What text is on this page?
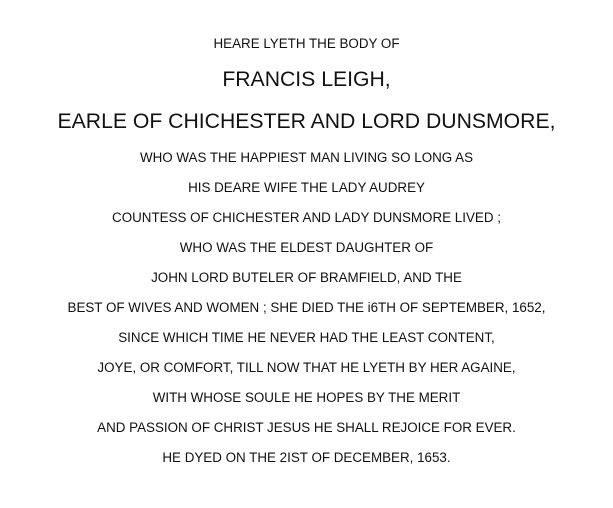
HEARE LYETH THE BODY OF
FRANCIS LEIGH,
EARLE OF CHICHESTER AND LORD DUNSMORE,
WHO WAS THE HAPPIEST MAN LIVING SO LONG AS
HIS DEARE WIFE THE LADY AUDREY
COUNTESS OF CHICHESTER AND LADY DUNSMORE LIVED ;
WHO WAS THE ELDEST DAUGHTER OF
JOHN LORD BUTELER OF BRAMFIELD, AND THE
BEST OF WIVES AND WOMEN ; SHE DIED THE i6TH OF SEPTEMBER, 1652,
SINCE WHICH TIME HE NEVER HAD THE LEAST CONTENT,
JOYE, OR COMFORT, TILL NOW THAT HE LYETH BY HER AGAINE,
WITH WHOSE SOULE HE HOPES BY THE MERIT
AND PASSION OF CHRIST JESUS HE SHALL REJOICE FOR EVER.
HE DYED ON THE 2IST OF DECEMBER, 1653.
